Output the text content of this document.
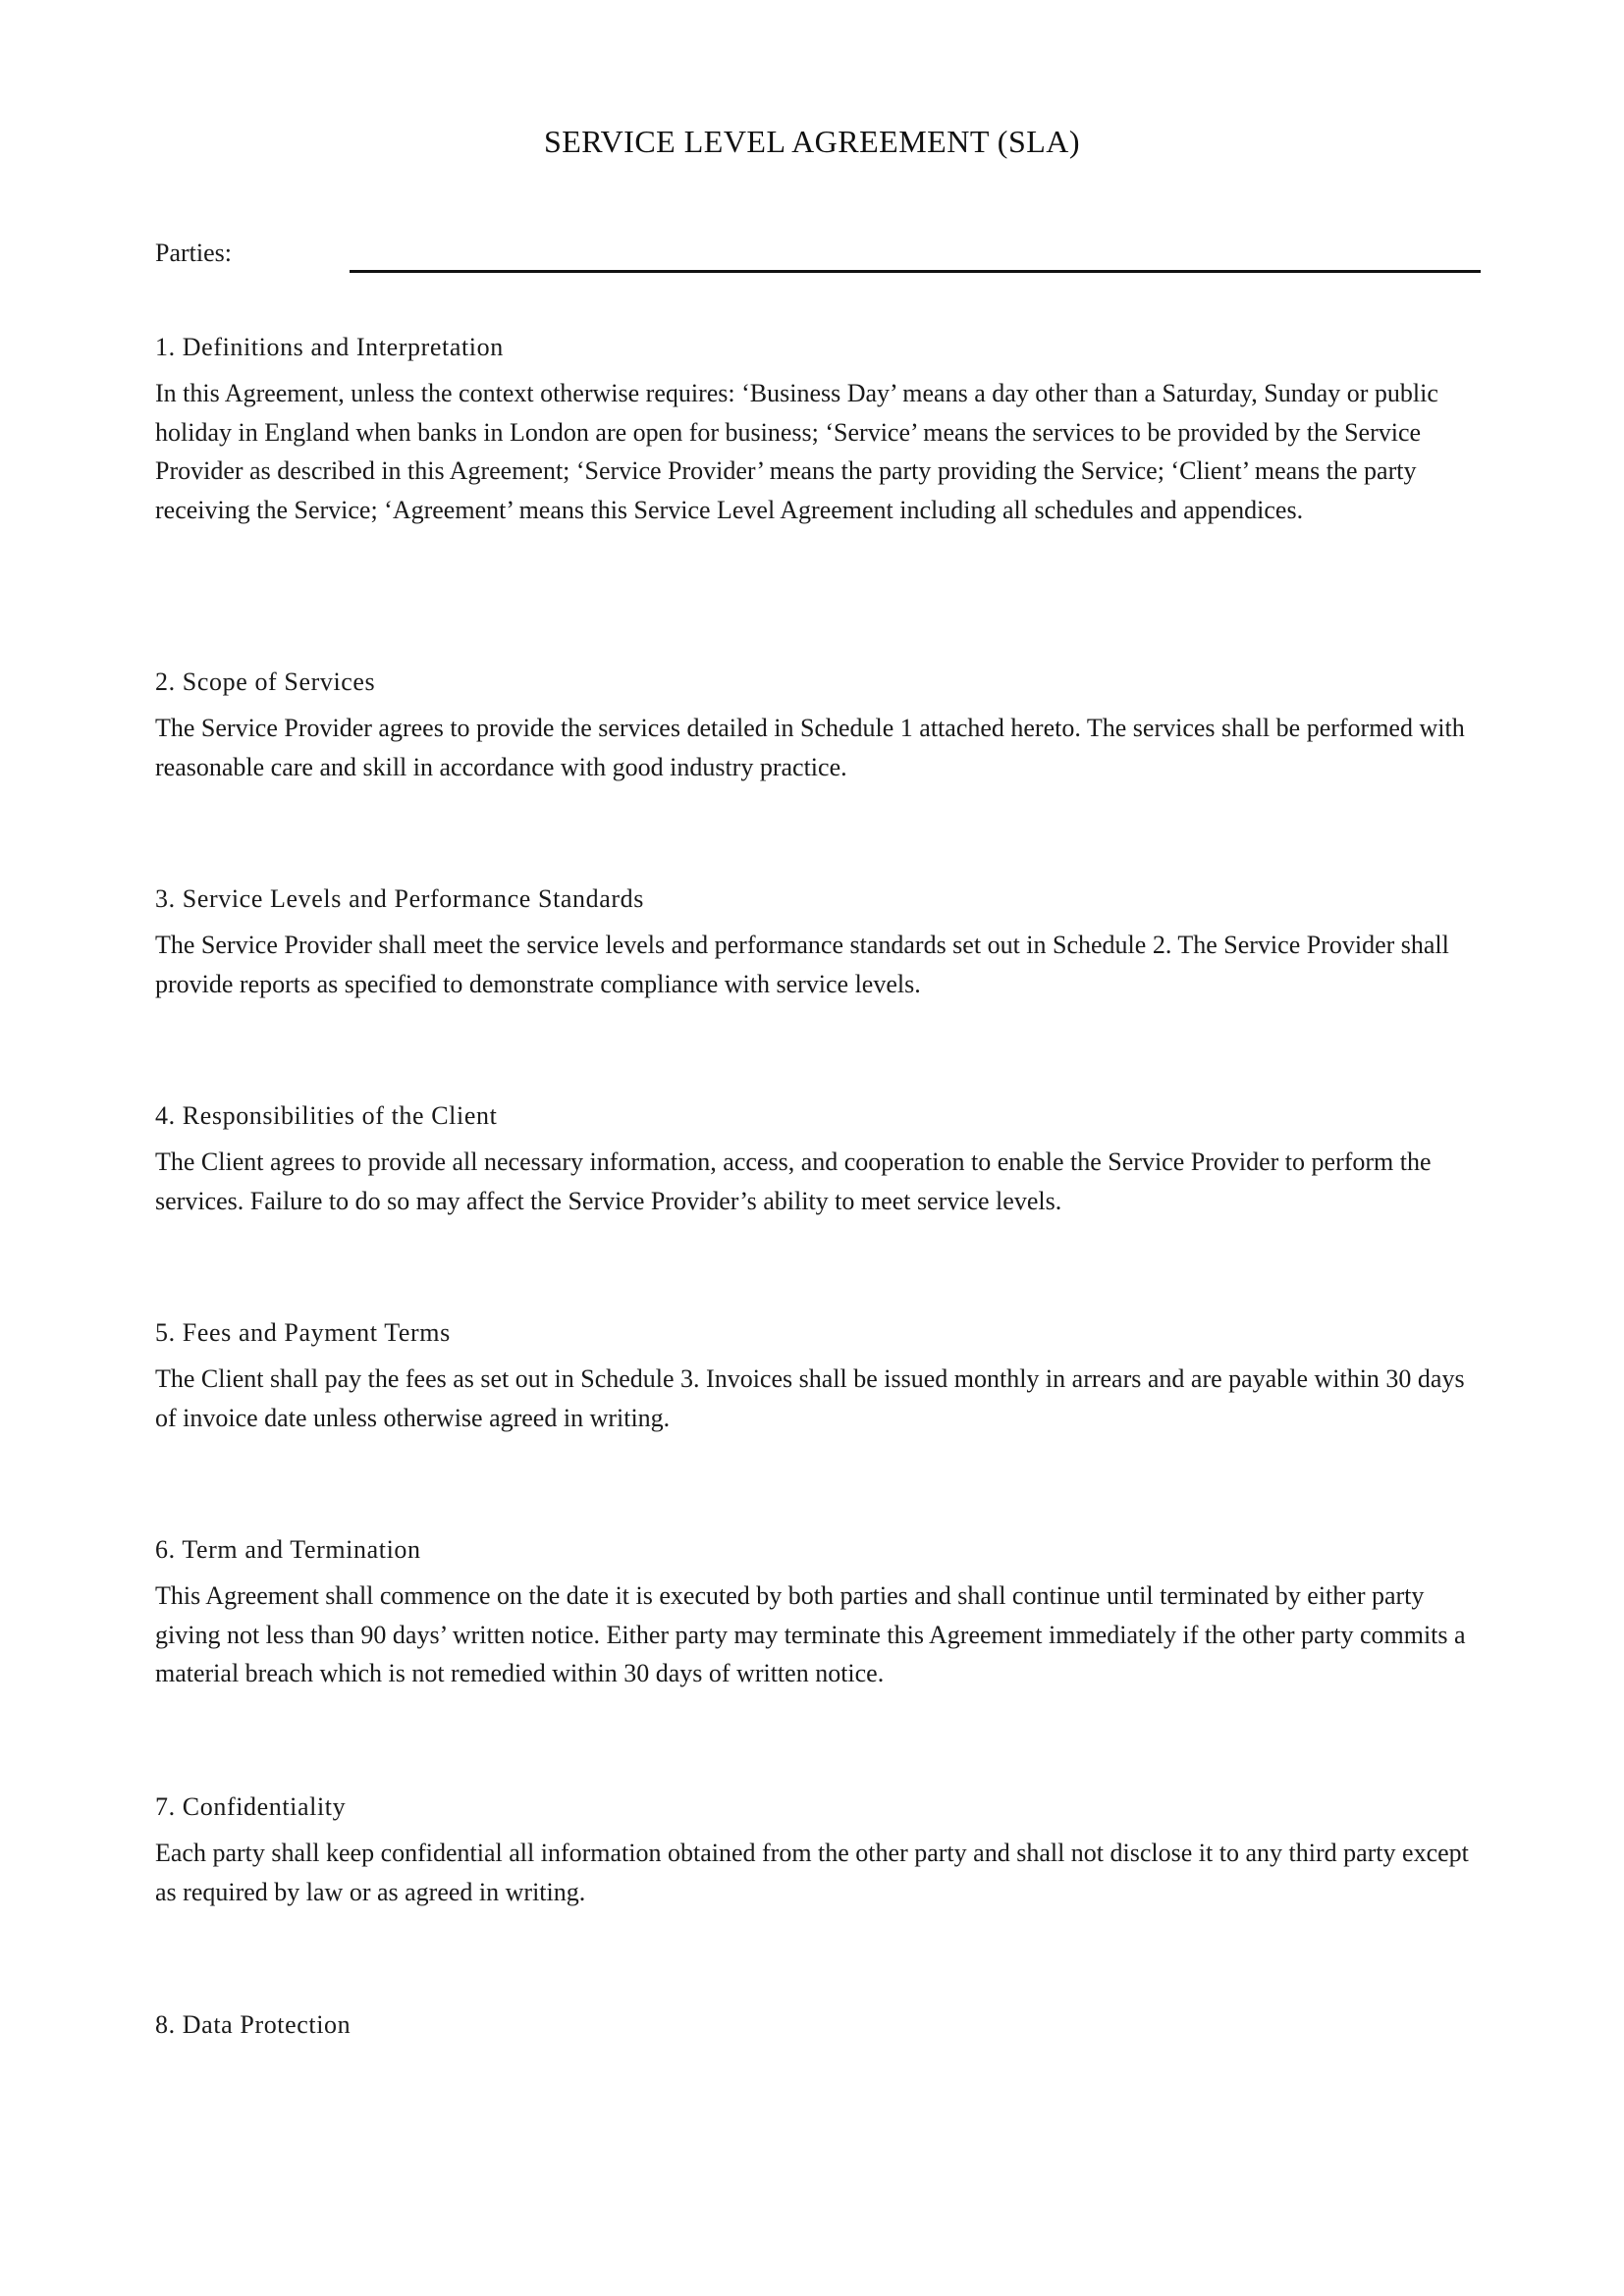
SERVICE LEVEL AGREEMENT (SLA)
Parties:
1. Definitions and Interpretation

In this Agreement, unless the context otherwise requires: ‘Business Day’ means a day other than a Saturday, Sunday or public holiday in England when banks in London are open for business; ‘Service’ means the services to be provided by the Service Provider as described in this Agreement; ‘Service Provider’ means the party providing the Service; ‘Client’ means the party receiving the Service; ‘Agreement’ means this Service Level Agreement including all schedules and appendices.

2. Scope of Services

The Service Provider agrees to provide the services detailed in Schedule 1 attached hereto. The services shall be performed with reasonable care and skill in accordance with good industry practice.

3. Service Levels and Performance Standards

The Service Provider shall meet the service levels and performance standards set out in Schedule 2. The Service Provider shall provide reports as specified to demonstrate compliance with service levels.

4. Responsibilities of the Client

The Client agrees to provide all necessary information, access, and cooperation to enable the Service Provider to perform the services. Failure to do so may affect the Service Provider’s ability to meet service levels.

5. Fees and Payment Terms

The Client shall pay the fees as set out in Schedule 3. Invoices shall be issued monthly in arrears and are payable within 30 days of invoice date unless otherwise agreed in writing.

6. Term and Termination

This Agreement shall commence on the date it is executed by both parties and shall continue until terminated by either party giving not less than 90 days’ written notice. Either party may terminate this Agreement immediately if the other party commits a material breach which is not remedied within 30 days of written notice.

7. Confidentiality

Each party shall keep confidential all information obtained from the other party and shall not disclose it to any third party except as required by law or as agreed in writing.

8. Data Protection
